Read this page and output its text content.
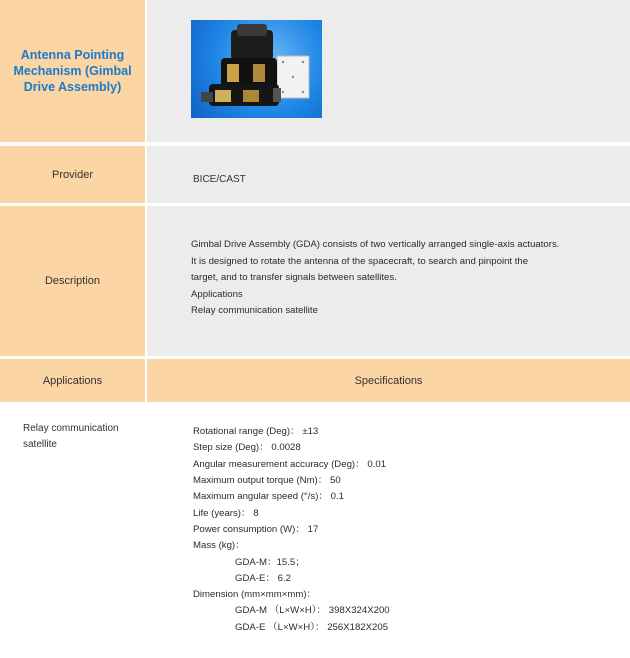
Antenna Pointing
Mechanism (Gimbal
Drive Assembly)
Provider	BICE/CAST
Description

Gimbal Drive Assembly (GDA) consists of two vertically arranged single-axis actuators.

It is designed to rotate the antenna of the spacecraft, to search and pinpoint the

target, and to transfer signals between satellites.

Applications

Relay communication satellite

Applications	Specifications
Relay communication
satellite
Rotational range (Deg)： ±13
Step size (Deg)： 0.0028
Angular measurement accuracy (Deg)： 0.01
Maximum output torque (Nm)： 50
Maximum angular speed (°/s)： 0.1
Life (years)： 8
Power consumption (W)： 17
Mass (kg)：
GDA-M：15.5；
GDA-E： 6.2
Dimension (mm×mm×mm)：
GDA-M （L×W×H）： 398X324X200
GDA-E （L×W×H）： 256X182X205
